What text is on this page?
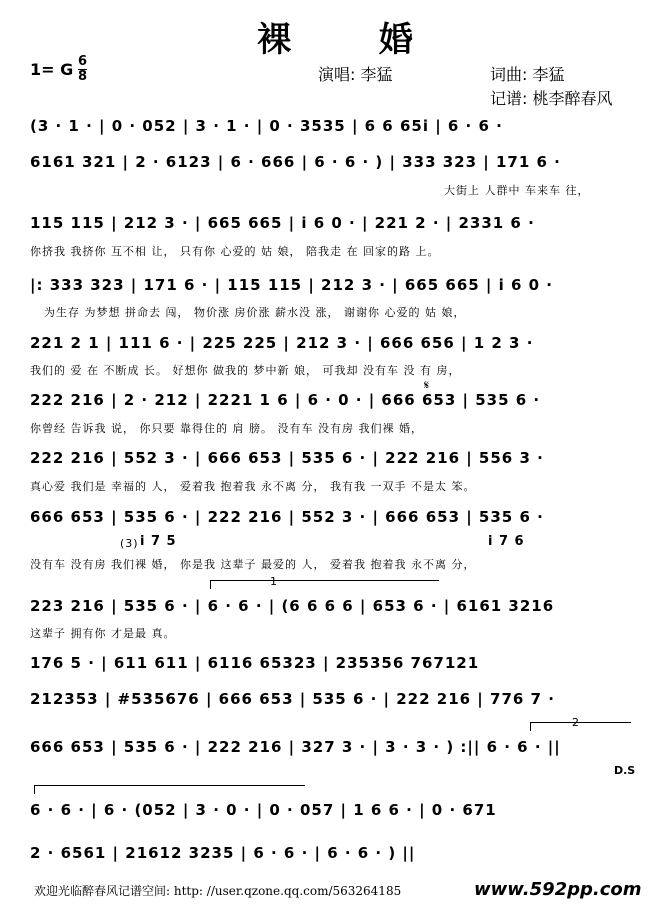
裸 婚
1= G 6
8	演唱: 李猛	词曲: 李猛
记谱: 桃李醉春风
(3 · 1 · | 0 · 052 | 3 · 1 · | 0 · 3535 | 6 6 65i | 6 · 6 ·
6161 321 | 2 · 6123 | 6 · 666 | 6 · 6 · ) | 333 323 | 171 6 ·
大街上 人群中 车来车 往，
115 115 | 212 3 · | 665 665 | i 6 0 · | 221 2 · | 2331 6 ·
你挤我 我挤你 互不相 让， 只有你 心爱的 姑 娘， 陪我走 在 回家的路 上。
|: 333 323 | 171 6 · | 115 115 | 212 3 · | 665 665 | i 6 0 ·
为生存 为梦想 拼命去 闯， 物价涨 房价涨 薪水没 涨， 谢谢你 心爱的 姑 娘，
221 2 1 | 111 6 · | 225 225 | 212 3 · | 666 656 | 1 2 3 ·
我们的 爱 在 不断成 长。 好想你 做我的 梦中新 娘， 可我却 没有车 没 有 房，
𝄋
222 216 | 2 · 212 | 2221 1 6 | 6 · 0 · | 666 653 | 535 6 ·
你曾经 告诉我 说， 你只要 靠得住的 肩 膀。 没有车 没有房 我们裸 婚，
222 216 | 552 3 · | 666 653 | 535 6 · | 222 216 | 556 3 ·
真心爱 我们是 幸福的 人， 爱着我 抱着我 永不离 分， 我有我 一双手 不是太 笨。
666 653 | 535 6 · | 222 216 | 552 3 · | 666 653 | 535 6 ·
(3) i 7 5	i 7 6
没有车 没有房 我们裸 婚， 你是我 这辈子 最爱的 人， 爱着我 抱着我 永不离 分，
1
223 216 | 535 6 · | 6 · 6 · | (6 6 6 6 | 653 6 · | 6161 3216
这辈子 拥有你 才是最 真。
176 5 · | 611 611 | 6116 65323 | 235356 767121
212353 | #535676 | 666 653 | 535 6 · | 222 216 | 776 7 ·
2
666 653 | 535 6 · | 222 216 | 327 3 · | 3 · 3 · ) :|| 6 · 6 · ||
D.S
6 · 6 · | 6 · (052 | 3 · 0 · | 0 · 057 | 1 6 6 · | 0 · 671
2 · 6561 | 21612 3235 | 6 · 6 · | 6 · 6 · ) ||
欢迎光临醉春风记谱空间: http: //user.qzone.qq.com/563264185	www.592pp.com
